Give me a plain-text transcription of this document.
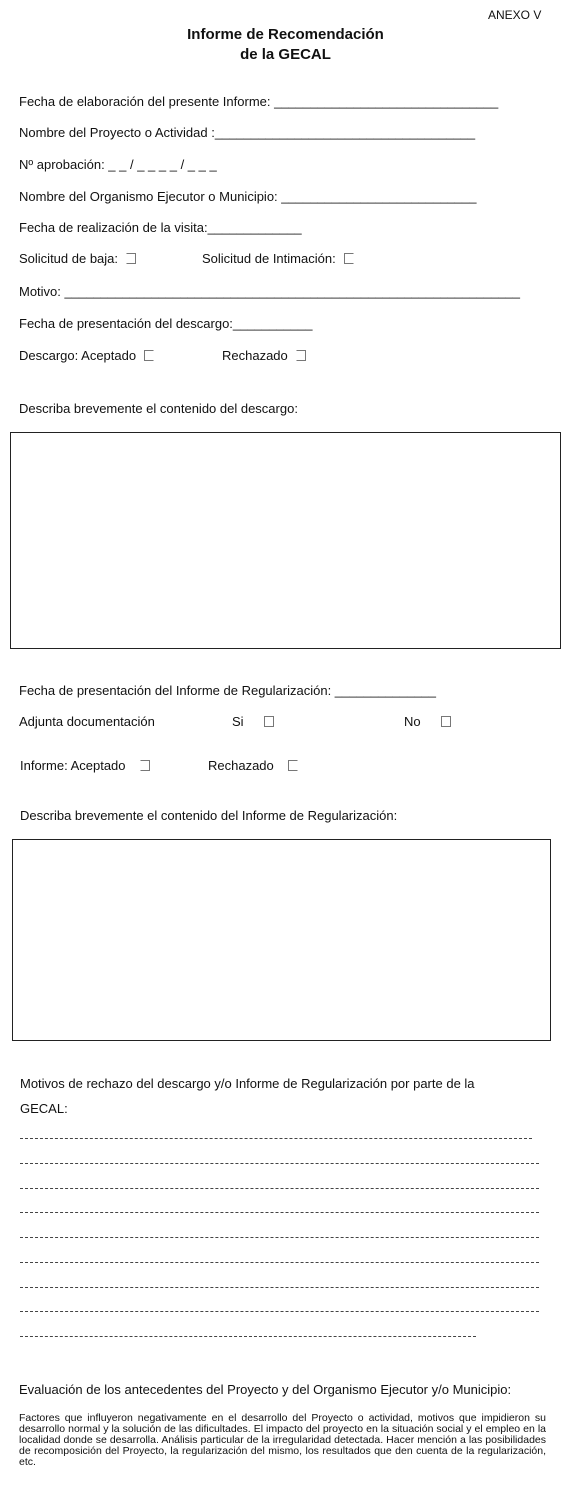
ANEXO V
Informe de Recomendación
de la GECAL
Fecha de elaboración del presente Informe: _______________________________
Nombre del Proyecto o Actividad :____________________________________
Nº aprobación: _ _ / _ _ _ _ / _ _ _
Nombre del Organismo Ejecutor o Municipio: ___________________________
Fecha de realización de la visita:_____________
Solicitud de baja:	Solicitud de Intimación:
Motivo: _______________________________________________________________
Fecha de presentación del descargo:___________
Descargo: Aceptado	Rechazado
Describa brevemente el contenido del descargo:
Fecha de presentación del Informe de Regularización: ______________
Adjunta documentación	Si	No
Informe: Aceptado	Rechazado
Describa brevemente el contenido del Informe de Regularización:
Motivos de rechazo del descargo y/o Informe de Regularización por parte de la
GECAL:
Evaluación de los antecedentes del Proyecto y del Organismo Ejecutor y/o Municipio:
Factores que influyeron negativamente en el desarrollo del Proyecto o actividad, motivos que impidieron su desarrollo normal y la solución de las dificultades. El impacto del proyecto en la situación social y el empleo en la localidad donde se desarrolla. Análisis particular de la irregularidad detectada. Hacer mención a las posibilidades de recomposición del Proyecto, la regularización del mismo, los resultados que den cuenta de la regularización, etc.
